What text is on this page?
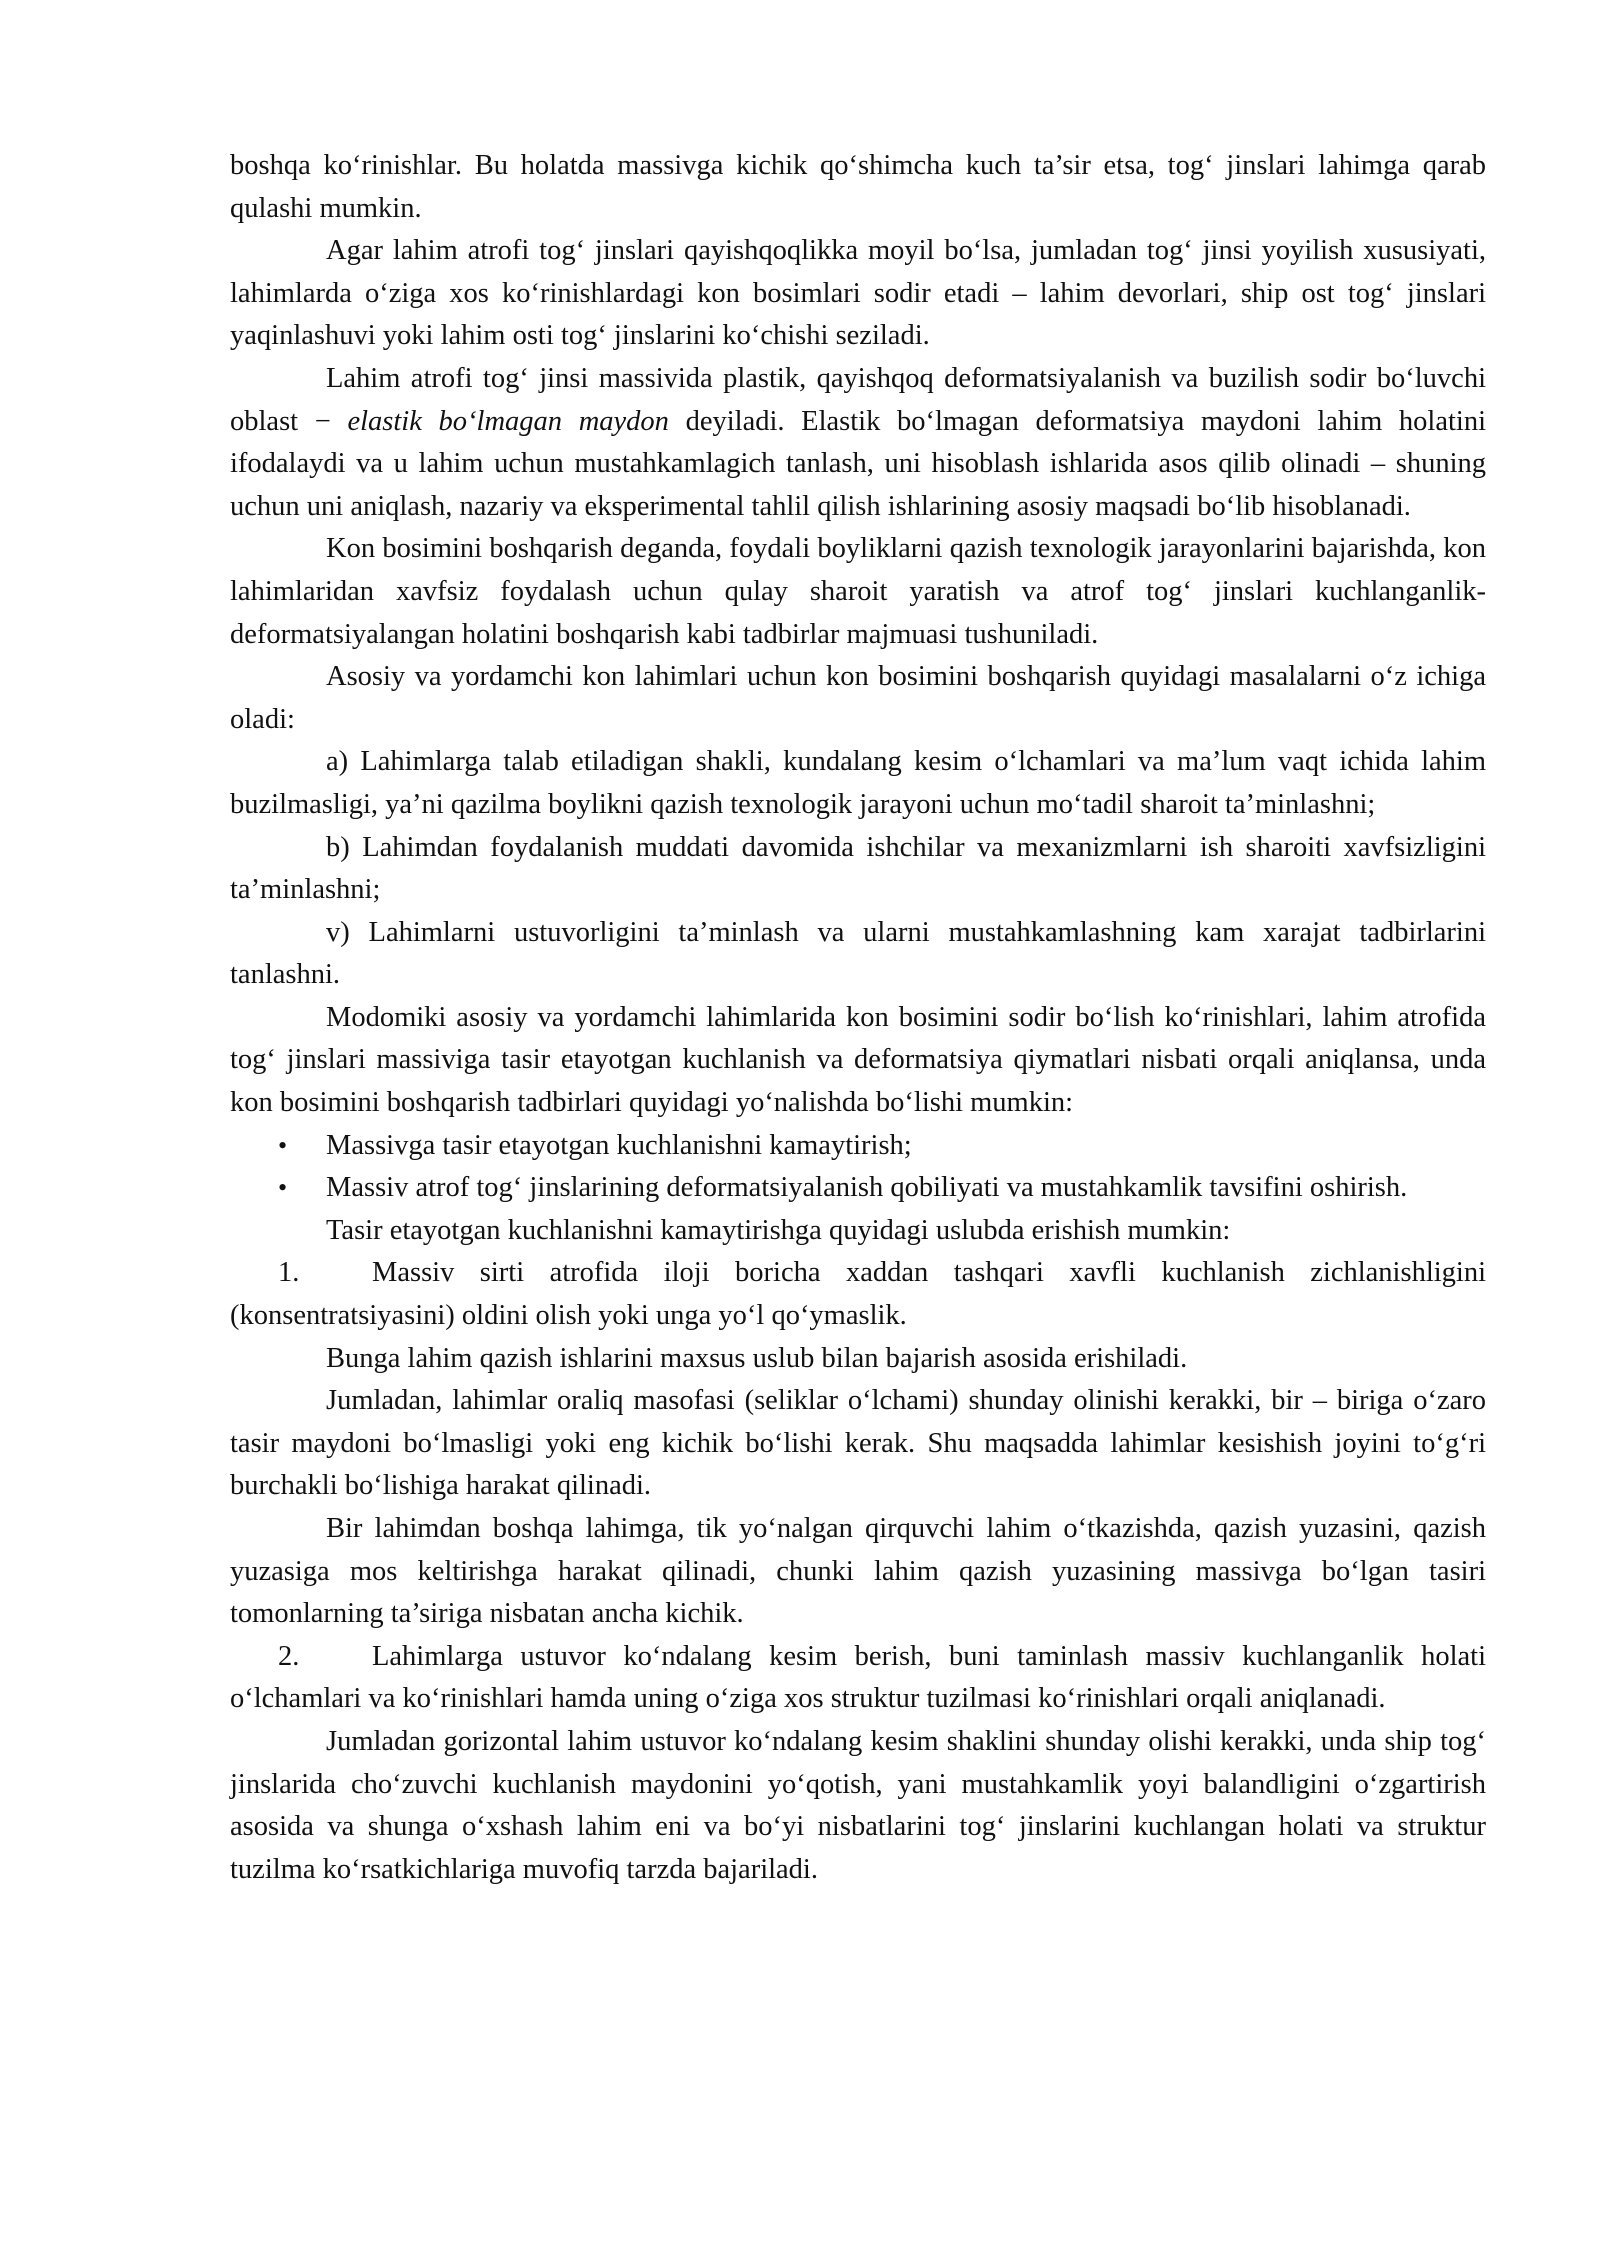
boshqa ko‘rinishlar. Bu holatda massivga kichik qo‘shimcha kuch ta’sir etsa, tog‘ jinslari lahimga qarab qulashi mumkin.

Agar lahim atrofi tog‘ jinslari qayishqoqlikka moyil bo‘lsa, jumladan tog‘ jinsi yoyilish xususiyati, lahimlarda o‘ziga xos ko‘rinishlardagi kon bosimlari sodir etadi – lahim devorlari, ship ost tog‘ jinslari yaqinlashuvi yoki lahim osti tog‘ jinslarini ko‘chishi seziladi.

Lahim atrofi tog‘ jinsi massivida plastik, qayishqoq deformatsiyalanish va buzilish sodir bo‘luvchi oblast − elastik bo‘lmagan maydon deyiladi. Elastik bo‘lmagan deformatsiya maydoni lahim holatini ifodalaydi va u lahim uchun mustahkamlagich tanlash, uni hisoblash ishlarida asos qilib olinadi – shuning uchun uni aniqlash, nazariy va eksperimental tahlil qilish ishlarining asosiy maqsadi bo‘lib hisoblanadi.

Kon bosimini boshqarish deganda, foydali boyliklarni qazish texnologik jarayonlarini bajarishda, kon lahimlaridan xavfsiz foydalash uchun qulay sharoit yaratish va atrof tog‘ jinslari kuchlanganlik-deformatsiyalangan holatini boshqarish kabi tadbirlar majmuasi tushuniladi.

Asosiy va yordamchi kon lahimlari uchun kon bosimini boshqarish quyidagi masalalarni o‘z ichiga oladi:

a) Lahimlarga talab etiladigan shakli, kundalang kesim o‘lchamlari va ma’lum vaqt ichida lahim buzilmasligi, ya’ni qazilma boylikni qazish texnologik jarayoni uchun mo‘tadil sharoit ta’minlashni;

b) Lahimdan foydalanish muddati davomida ishchilar va mexanizmlarni ish sharoiti xavfsizligini ta’minlashni;

v) Lahimlarni ustuvorligini ta’minlash va ularni mustahkamlashning kam xarajat tadbirlarini tanlashni.

Modomiki asosiy va yordamchi lahimlarida kon bosimini sodir bo‘lish ko‘rinishlari, lahim atrofida tog‘ jinslari massiviga tasir etayotgan kuchlanish va deformatsiya qiymatlari nisbati orqali aniqlansa, unda kon bosimini boshqarish tadbirlari quyidagi yo‘nalishda bo‘lishi mumkin:

• Massivga tasir etayotgan kuchlanishni kamaytirish;
• Massiv atrof tog‘ jinslarining deformatsiyalanish qobiliyati va mustahkamlik tavsifini oshirish.

Tasir etayotgan kuchlanishni kamaytirishga quyidagi uslubda erishish mumkin:

1.	Massiv sirti atrofida iloji boricha xaddan tashqari xavfli kuchlanish zichlanishligini (konsentratsiyasini) oldini olish yoki unga yo‘l qo‘ymaslik.

Bunga lahim qazish ishlarini maxsus uslub bilan bajarish asosida erishiladi.

Jumladan, lahimlar oraliq masofasi (seliklar o‘lchami) shunday olinishi kerakki, bir – biriga o‘zaro tasir maydoni bo‘lmasligi yoki eng kichik bo‘lishi kerak. Shu maqsadda lahimlar kesishish joyini to‘g‘ri burchakli bo‘lishiga harakat qilinadi.

Bir lahimdan boshqa lahimga, tik yo‘nalgan qirquvchi lahim o‘tkazishda, qazish yuzasini, qazish yuzasiga mos keltirishga harakat qilinadi, chunki lahim qazish yuzasining massivga bo‘lgan tasiri tomonlarning ta’siriga nisbatan ancha kichik.

2.	Lahimlarga ustuvor ko‘ndalang kesim berish, buni taminlash massiv kuchlanganlik holati o‘lchamlari va ko‘rinishlari hamda uning o‘ziga xos struktur tuzilmasi ko‘rinishlari orqali aniqlanadi.

Jumladan gorizontal lahim ustuvor ko‘ndalang kesim shaklini shunday olishi kerakki, unda ship tog‘ jinslarida cho‘zuvchi kuchlanish maydonini yo‘qotish, yani mustahkamlik yoyi balandligini o‘zgartirish asosida va shunga o‘xshash lahim eni va bo‘yi nisbatlarini tog‘ jinslarini kuchlangan holati va struktur tuzilma ko‘rsatkichlariga muvofiq tarzda bajariladi.
